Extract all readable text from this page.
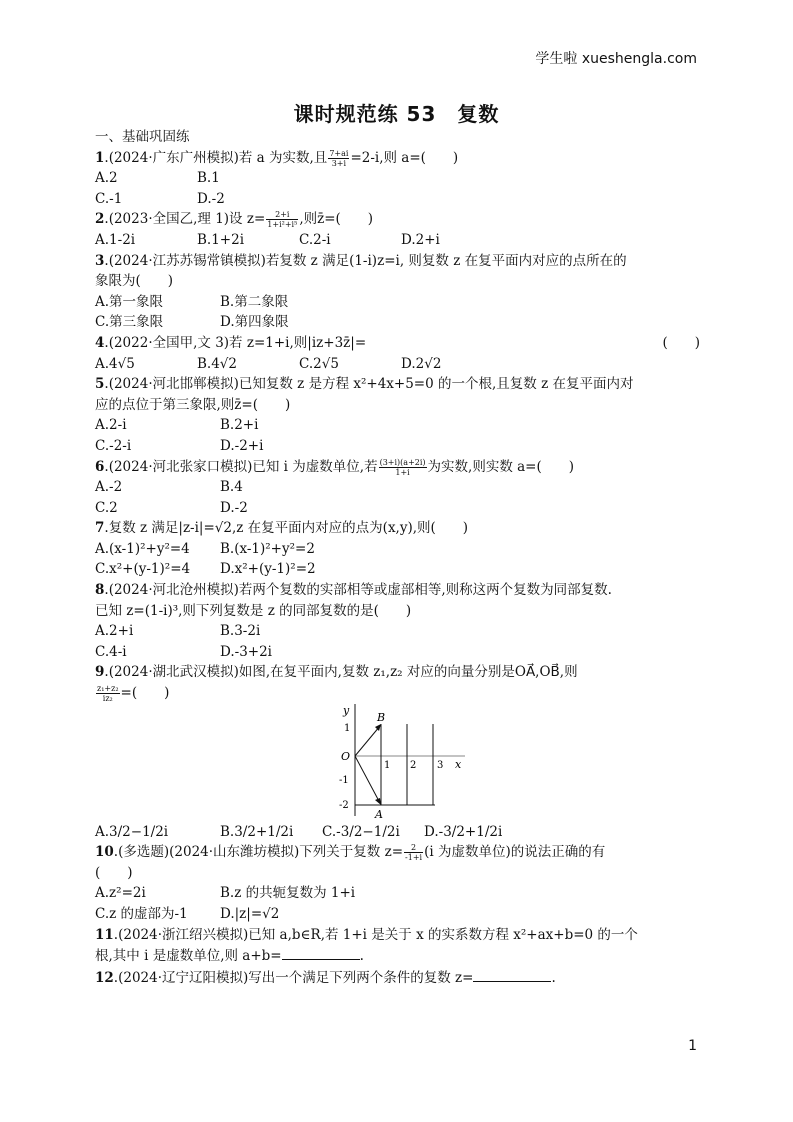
学生啦 xueshengla.com
课时规范练 53　复数
一、基础巩固练
1.(2024·广东广州模拟)若 a 为实数,且 $\frac{7+ai}{3+i} =2-i$,则 a=(　　)
A.2	B.1
C.-1	D.-2
2.(2023·全国乙,理 1)设 $z= \frac{2+i}{\text{1+i²+i⁵}}$ ,则z̄=(　　)
A.1-2i	B.1+2i	C.2-i	D.2+i
3.(2024·江苏苏锡常镇模拟)若复数 z 满足(1-i)z=i, 则复数 z 在复平面内对应的点所在的
象限为(　　)
A.第一象限	B.第二象限
C.第三象限	D.第四象限
4.(2022·全国甲,文 3)若 z=1+i,则|iz+3z̄|=	(　　)
A.4√5	B.4√2	C.2√5	D.2√2
5.(2024·河北邯郸模拟)已知复数 z 是方程 x²+4x+5=0 的一个根,且复数 z 在复平面内对
应的点位于第三象限,则z̄=(　　)
A.2-i	B.2+i
C.-2-i	D.-2+i
6.(2024·河北张家口模拟)已知 i 为虚数单位,若 $\frac{(3+i)(a+2i)}{1+i}$ 为实数,则实数 a=(　　)
A.-2	B.4
C.2	D.-2
7.复数 z 满足|z-i|=√2,z 在复平面内对应的点为(x,y),则(　　)
A.(x-1)²+y²=4	B.(x-1)²+y²=2
C.x²+(y-1)²=4	D.x²+(y-1)²=2
8.(2024·河北沧州模拟)若两个复数的实部相等或虚部相等,则称这两个复数为同部复数.
已知 z=(1-i)³,则下列复数是 z 的同部复数的是(　　)
A.2+i	B.3-2i
C.4-i	D.-3+2i
9.(2024·湖北武汉模拟)如图,在复平面内,复数 z₁,z₂ 对应的向量分别是OA⃗,OB⃗,则
$\frac{\text{z₁+z₂}}{\text{iz₂}}$ =(　　)
y
x
O
B
A
1
-1
-2
1 2 3
A.3/2−1/2i	B.3/2+1/2i	C.-3/2−1/2i	D.-3/2+1/2i
10.(多选题)(2024·山东潍坊模拟)下列关于复数 $z= \frac{2}{-1+i} (i$ 为虚数单位)的说法正确的有
(　　)
A.z²=2i	B.z 的共轭复数为 1+i
C.z 的虚部为-1	D.|z|=√2
11.(2024·浙江绍兴模拟)已知 a,b∈R,若 1+i 是关于 x 的实系数方程 x²+ax+b=0 的一个
根,其中 i 是虚数单位,则 a+b=	.
12.(2024·辽宁辽阳模拟)写出一个满足下列两个条件的复数 z=	.
1
